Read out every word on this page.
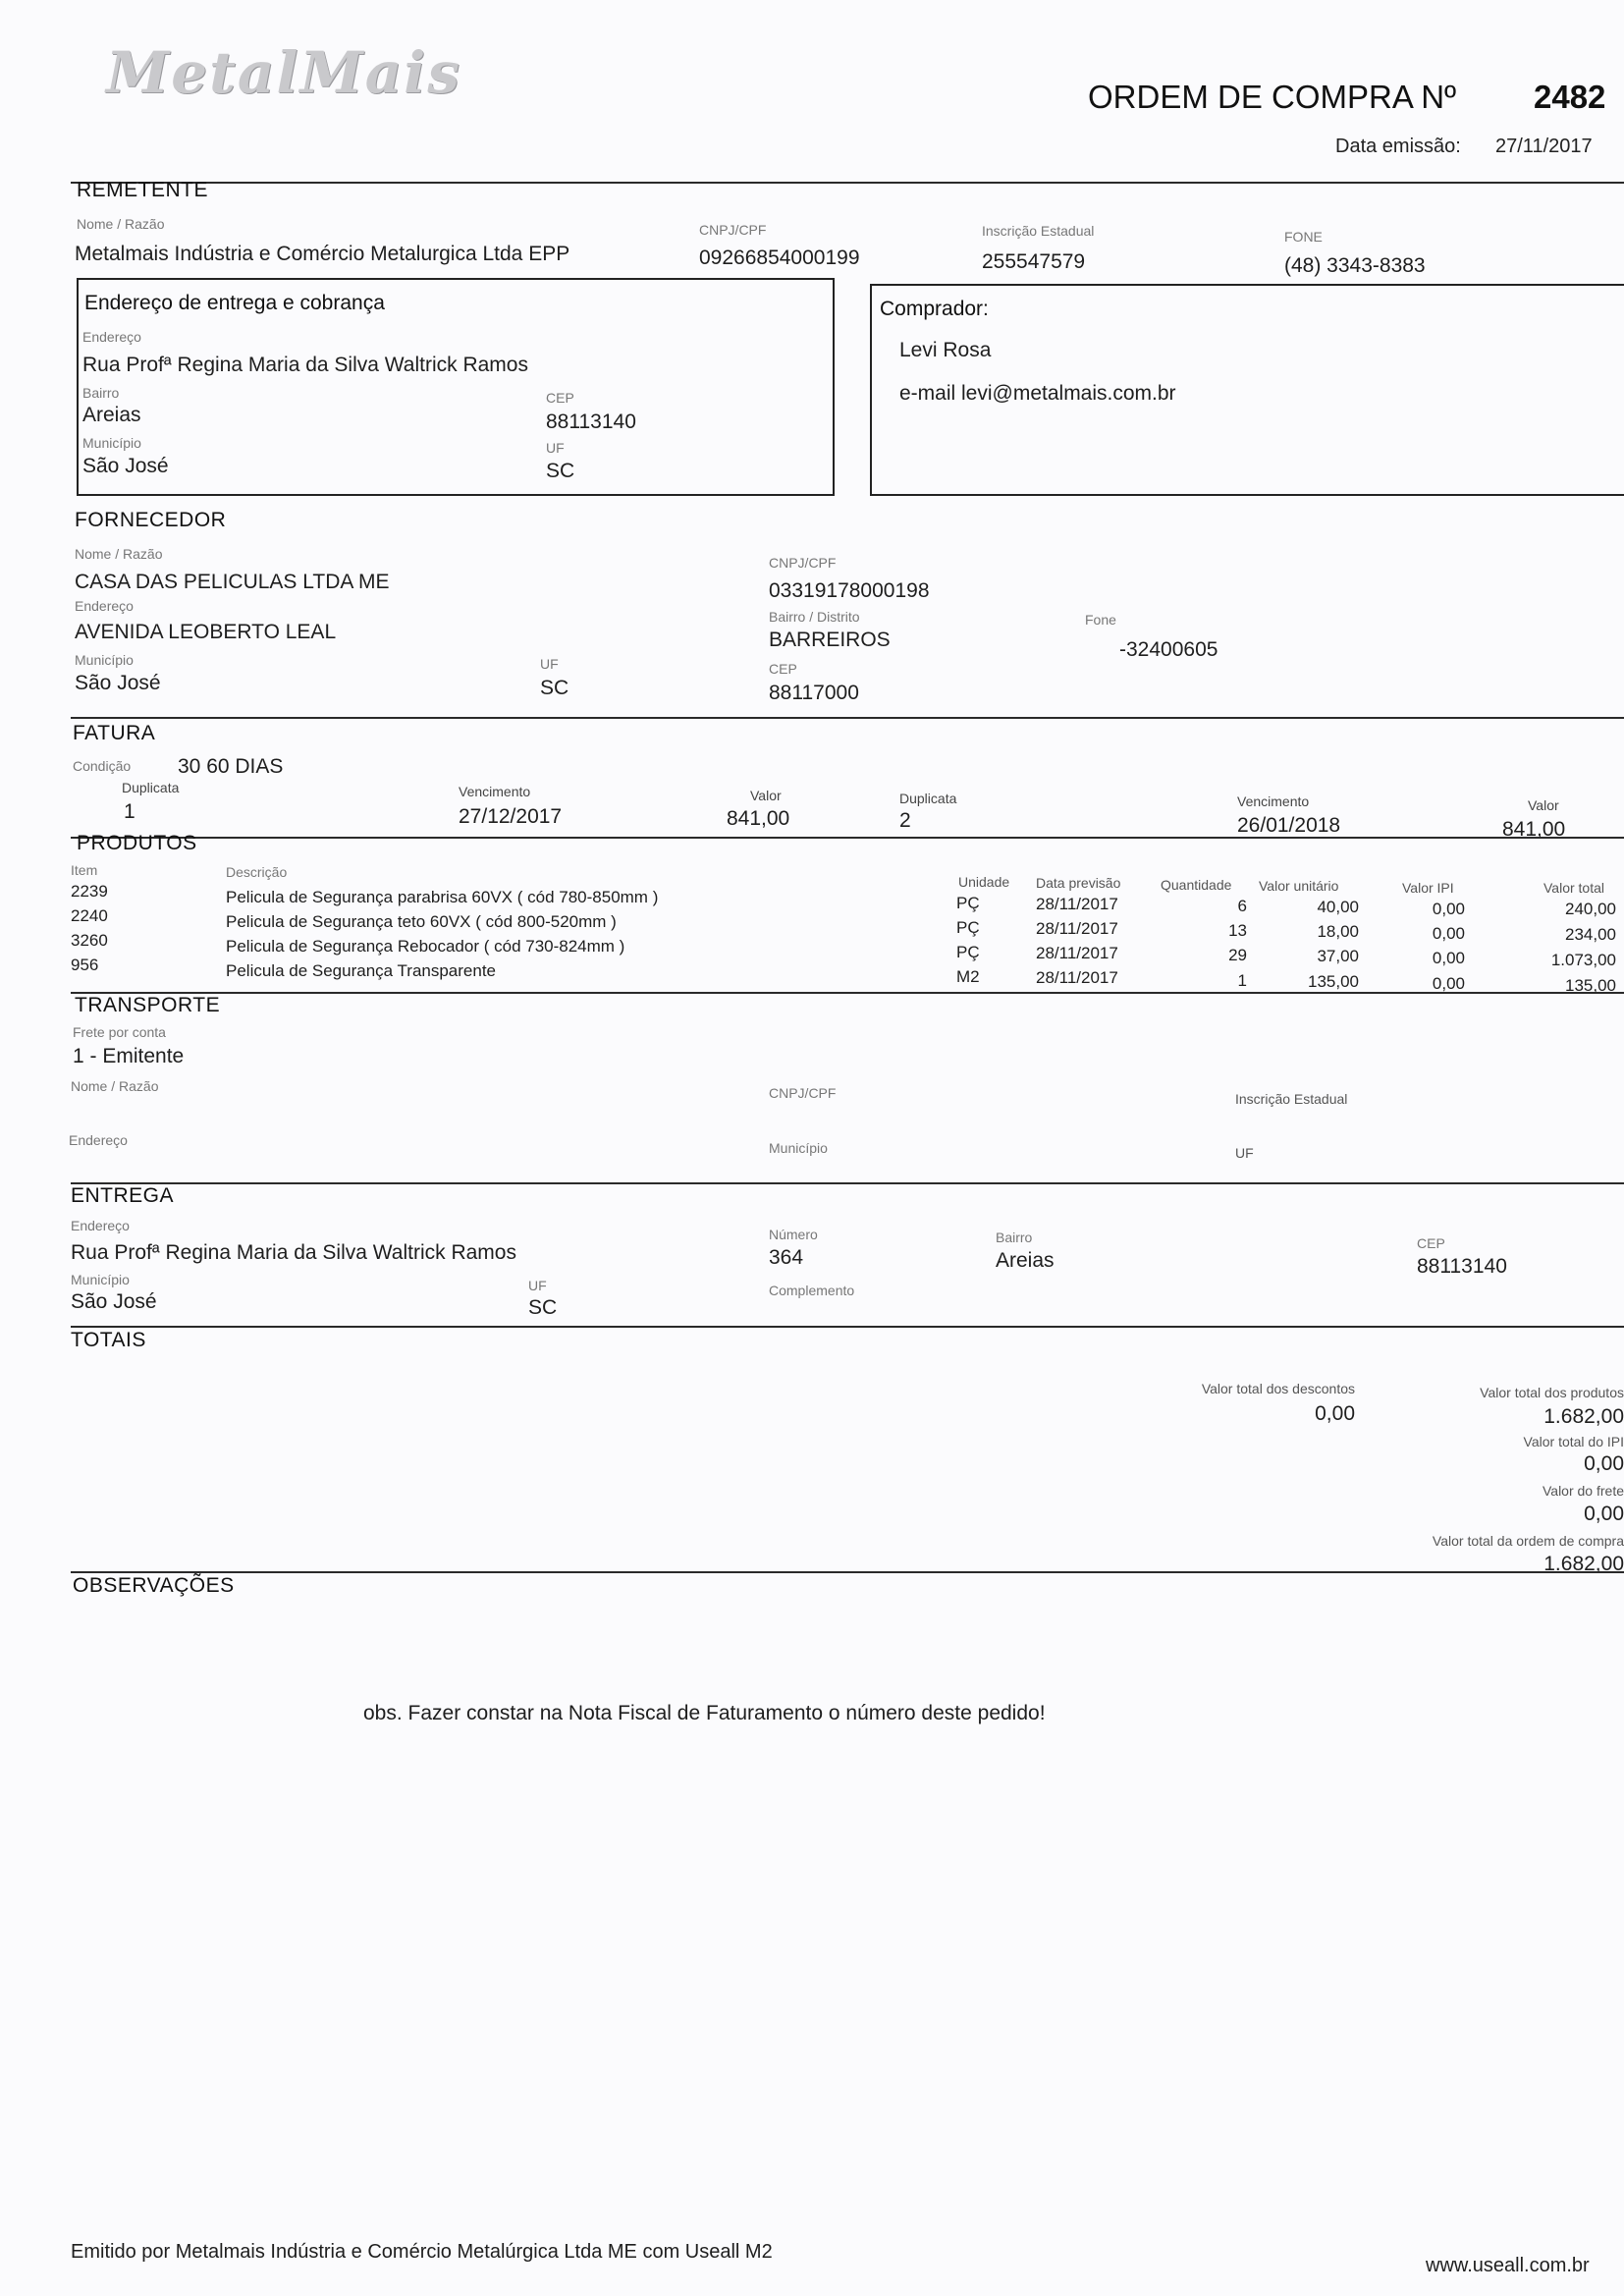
MetalMais	ORDEM DE COMPRA Nº 2482
Data emissão: 27/11/2017
REMETENTE
Nome / Razão
Metalmais Indústria e Comércio Metalurgica Ltda EPP
CNPJ/CPF
09266854000199
Inscrição Estadual
255547579
FONE
(48) 3343-8383
Endereço de entrega e cobrança
Endereço
Rua Profª Regina Maria da Silva Waltrick Ramos
Bairro
Areias
CEP
88113140
Município
São José
UF
SC
Comprador:
Levi Rosa
e-mail levi@metalmais.com.br
FORNECEDOR
Nome / Razão
CASA DAS PELICULAS LTDA ME
CNPJ/CPF
03319178000198
Endereço
AVENIDA LEOBERTO LEAL
Bairro / Distrito
BARREIROS
Fone
-32400605
Município
São José
UF
SC
CEP
88117000
FATURA
Condição 30 60 DIAS
Duplicata
1
Vencimento
27/12/2017
Valor
841,00
Duplicata
2
Vencimento
26/01/2018
Valor
841,00
PRODUTOS
Item	Descrição
Unidade Data previsão	Quantidade Valor unitário	Valor IPI	Valor total
2239	Pelicula de Segurança parabrisa 60VX ( cód 780-850mm )	PÇ	28/11/2017	6	40,00	0,00	240,00
2240	Pelicula de Segurança teto 60VX ( cód 800-520mm )	PÇ	28/11/2017	13	18,00	0,00	234,00
3260	Pelicula de Segurança Rebocador ( cód 730-824mm )	PÇ	28/11/2017	29	37,00	0,00	1.073,00
956	Pelicula de Segurança Transparente	M2	28/11/2017	1	135,00	0,00	135,00
TRANSPORTE
Frete por conta
1 - Emitente
Nome / Razão	CNPJ/CPF	Inscrição Estadual
Endereço	Município	UF
ENTREGA
Endereço
Rua Profª Regina Maria da Silva Waltrick Ramos
Número
364
Bairro
Areias
CEP
88113140
Município
São José
UF
SC
Complemento
TOTAIS
Valor total dos descontos
0,00
Valor total dos produtos
1.682,00
Valor total do IPI
0,00
Valor do frete
0,00
Valor total da ordem de compra
1.682,00
OBSERVAÇÕES
obs. Fazer constar na Nota Fiscal de Faturamento o número deste pedido!
Emitido por Metalmais Indústria e Comércio Metalúrgica Ltda ME com Useall M2
www.useall.com.br
